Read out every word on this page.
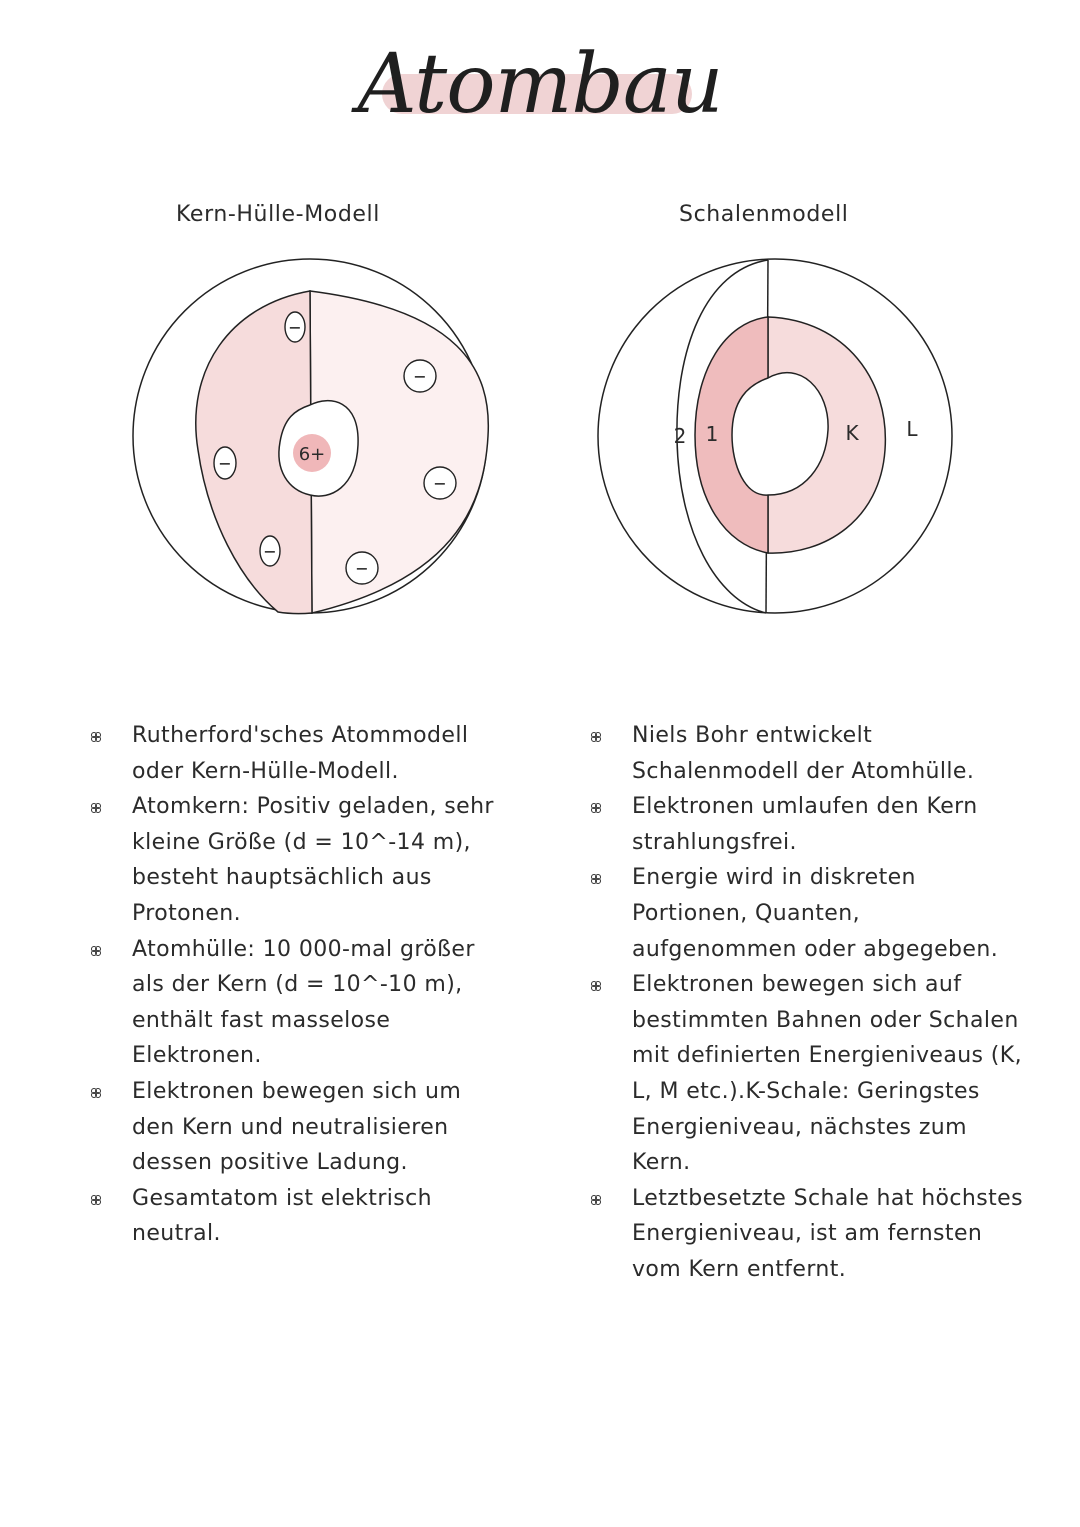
Atombau
Kern-Hülle-Modell	Schalenmodell
6+
−
−
−
−
−
−
2 1	K L
Rutherford'sches Atommodell oder Kern-Hülle-Modell.
Atomkern: Positiv geladen, sehr kleine Größe (d = 10^-14 m), besteht hauptsächlich aus Protonen.
Atomhülle: 10 000-mal größer als der Kern (d = 10^-10 m), enthält fast masselose Elektronen.
Elektronen bewegen sich um den Kern und neutralisieren dessen positive Ladung.
Gesamtatom ist elektrisch neutral.
Niels Bohr entwickelt Schalenmodell der Atomhülle.
Elektronen umlaufen den Kern strahlungsfrei.
Energie wird in diskreten Portionen, Quanten, aufgenommen oder abgegeben.
Elektronen bewegen sich auf bestimmten Bahnen oder Schalen mit definierten Energieniveaus (K, L, M etc.).K-Schale: Geringstes Energieniveau, nächstes zum Kern.
Letztbesetzte Schale hat höchstes Energieniveau, ist am fernsten vom Kern entfernt.
